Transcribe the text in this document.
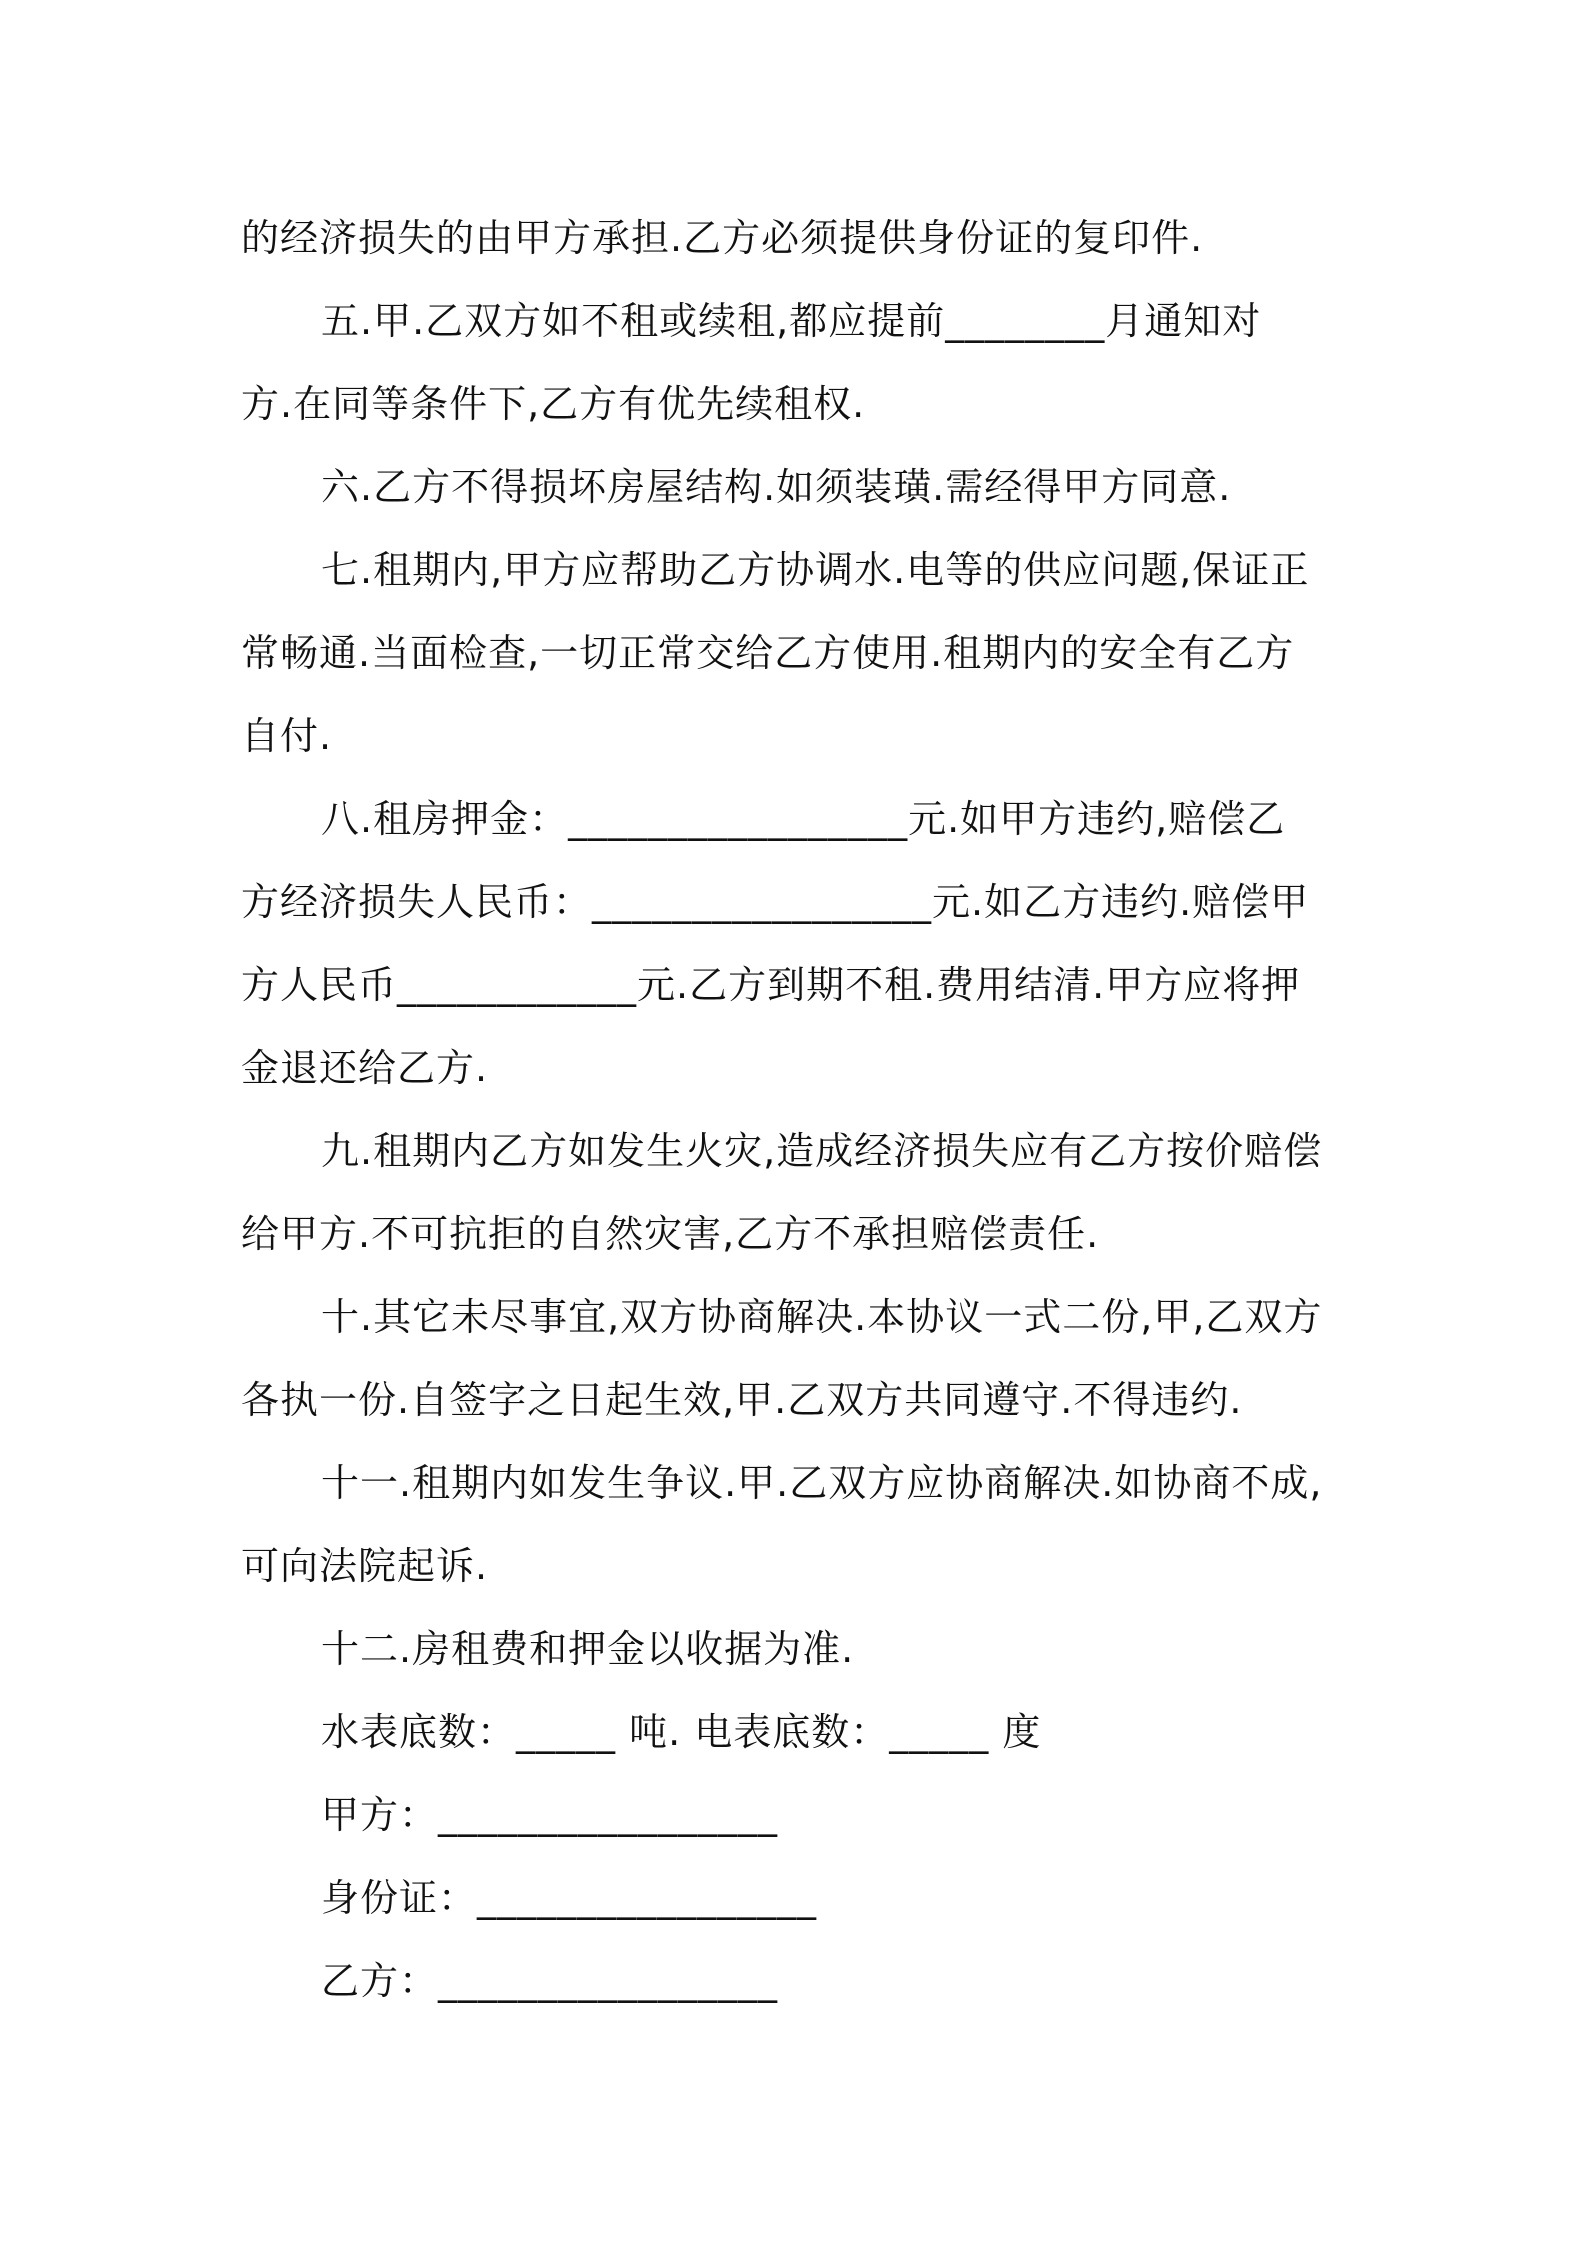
的经济损失的由甲方承担.乙方必须提供身份证的复印件.
五.甲.乙双方如不租或续租,都应提前________月通知对
方.在同等条件下,乙方有优先续租权.
六.乙方不得损坏房屋结构.如须装璜.需经得甲方同意.
七.租期内,甲方应帮助乙方协调水.电等的供应问题,保证正
常畅通.当面检查,一切正常交给乙方使用.租期内的安全有乙方
自付.
八.租房押金：_________________元.如甲方违约,赔偿乙
方经济损失人民币：_________________元.如乙方违约.赔偿甲
方人民币____________元.乙方到期不租.费用结清.甲方应将押
金退还给乙方.
九.租期内乙方如发生火灾,造成经济损失应有乙方按价赔偿
给甲方.不可抗拒的自然灾害,乙方不承担赔偿责任.
十.其它未尽事宜,双方协商解决.本协议一式二份,甲,乙双方
各执一份.自签字之日起生效,甲.乙双方共同遵守.不得违约.
十一.租期内如发生争议.甲.乙双方应协商解决.如协商不成,
可向法院起诉.
十二.房租费和押金以收据为准.
水表底数：_____ 吨. 电表底数：_____ 度
甲方：_________________
身份证：_________________
乙方：_________________
